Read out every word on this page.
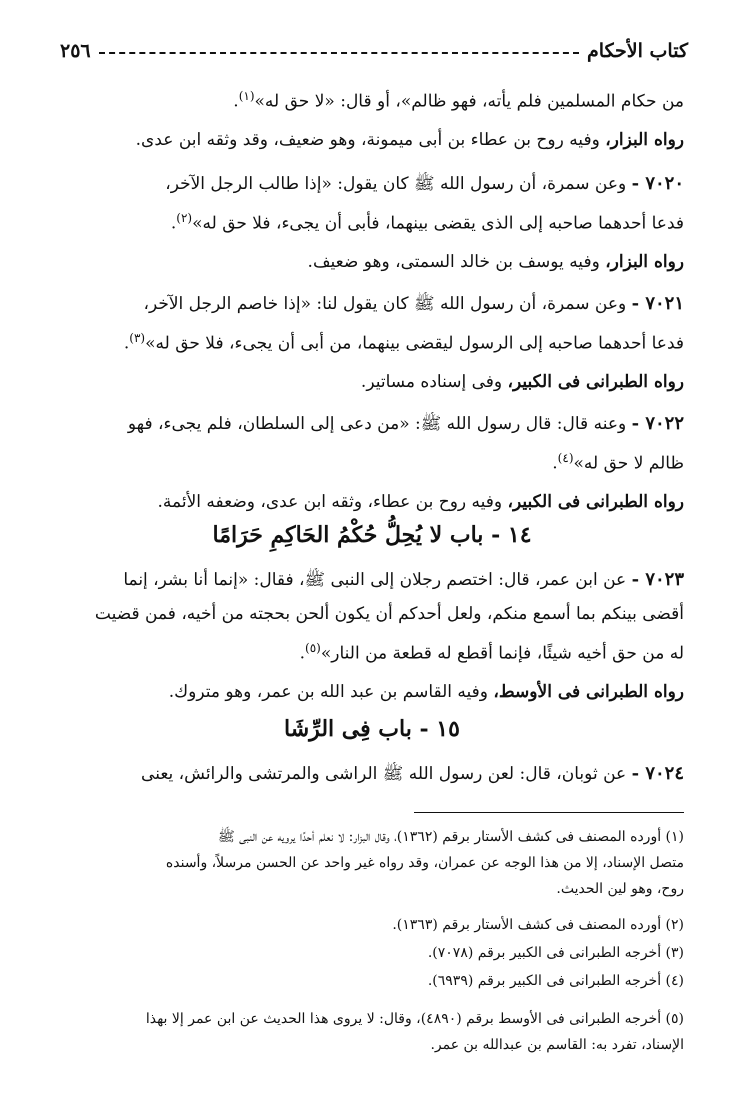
كتاب الأحكام
٢٥٦
من حكام المسلمين فلم يأته، فهو ظالم»، أو قال: «لا حق له»$^{(١)}$.
رواه البزار، وفيه روح بن عطاء بن أبى ميمونة، وهو ضعيف، وقد وثقه ابن عدى.
٧٠٢٠ - وعن سمرة، أن رسول الله ﷺ كان يقول: «إذا طالب الرجل الآخر،
فدعا أحدهما صاحبه إلى الذى يقضى بينهما، فأبى أن يجىء، فلا حق له»$^{(٢)}$.
رواه البزار، وفيه يوسف بن خالد السمتى، وهو ضعيف.
٧٠٢١ - وعن سمرة، أن رسول الله ﷺ كان يقول لنا: «إذا خاصم الرجل الآخر،
فدعا أحدهما صاحبه إلى الرسول ليقضى بينهما، من أبى أن يجىء، فلا حق له»$^{(٣)}$.
رواه الطبرانى فى الكبير، وفى إسناده مساتير.
٧٠٢٢ - وعنه قال: قال رسول الله ﷺ: «من دعى إلى السلطان، فلم يجىء، فهو
ظالم لا حق له»$^{(٤)}$.
رواه الطبرانى فى الكبير، وفيه روح بن عطاء، وثقه ابن عدى، وضعفه الأئمة.
١٤ - باب لا يُحِلُّ حُكْمُ الحَاكِمِ حَرَامًا
٧٠٢٣ - عن ابن عمر، قال: اختصم رجلان إلى النبى ﷺ، فقال: «إنما أنا بشر، إنما
أقضى بينكم بما أسمع منكم، ولعل أحدكم أن يكون ألحن بحجته من أخيه، فمن قضيت
له من حق أخيه شيئًا، فإنما أقطع له قطعة من النار»$^{(٥)}$.
رواه الطبرانى فى الأوسط، وفيه القاسم بن عبد الله بن عمر، وهو متروك.
١٥ - باب فِى الرِّشَا
٧٠٢٤ - عن ثوبان، قال: لعن رسول الله ﷺ الراشى والمرتشى والرائش، يعنى
(١) أورده المصنف فى كشف الأستار برقم (١٣٦٢)، وقال البزار: لا نعلم أحدًا يرويه عن النبى ﷺ
متصل الإسناد، إلا من هذا الوجه عن عمران، وقد رواه غير واحد عن الحسن مرسلاً، وأسنده
روح، وهو لين الحديث.
(٢) أورده المصنف فى كشف الأستار برقم (١٣٦٣).
(٣) أخرجه الطبرانى فى الكبير برقم (٧٠٧٨).
(٤) أخرجه الطبرانى فى الكبير برقم (٦٩٣٩).
(٥) أخرجه الطبرانى فى الأوسط برقم (٤٨٩٠)، وقال: لا يروى هذا الحديث عن ابن عمر إلا بهذا
الإسناد، تفرد به: القاسم بن عبدالله بن عمر.
